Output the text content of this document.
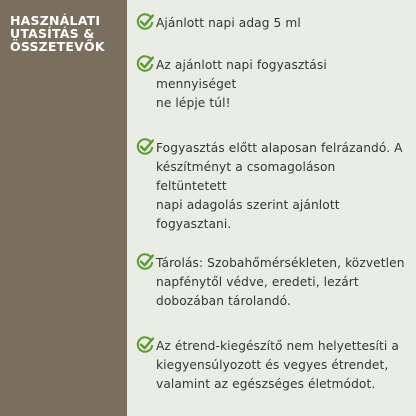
HASZNÁLATI
UTASÍTÁS &
ÖSSZETEVŐK
Ajánlott napi adag 5 ml
Az ajánlott napi fogyasztási mennyiséget
ne lépje túl!
Fogyasztás előtt alaposan felrázandó. A
készítményt a csomagoláson feltüntetett
napi adagolás szerint ajánlott fogyasztani.
Tárolás: Szobahőmérsékleten, közvetlen
napfénytől védve, eredeti, lezárt
dobozában tárolandó.
Az étrend-kiegészítő nem helyettesíti a
kiegyensúlyozott és vegyes étrendet,
valamint az egészséges életmódot.
